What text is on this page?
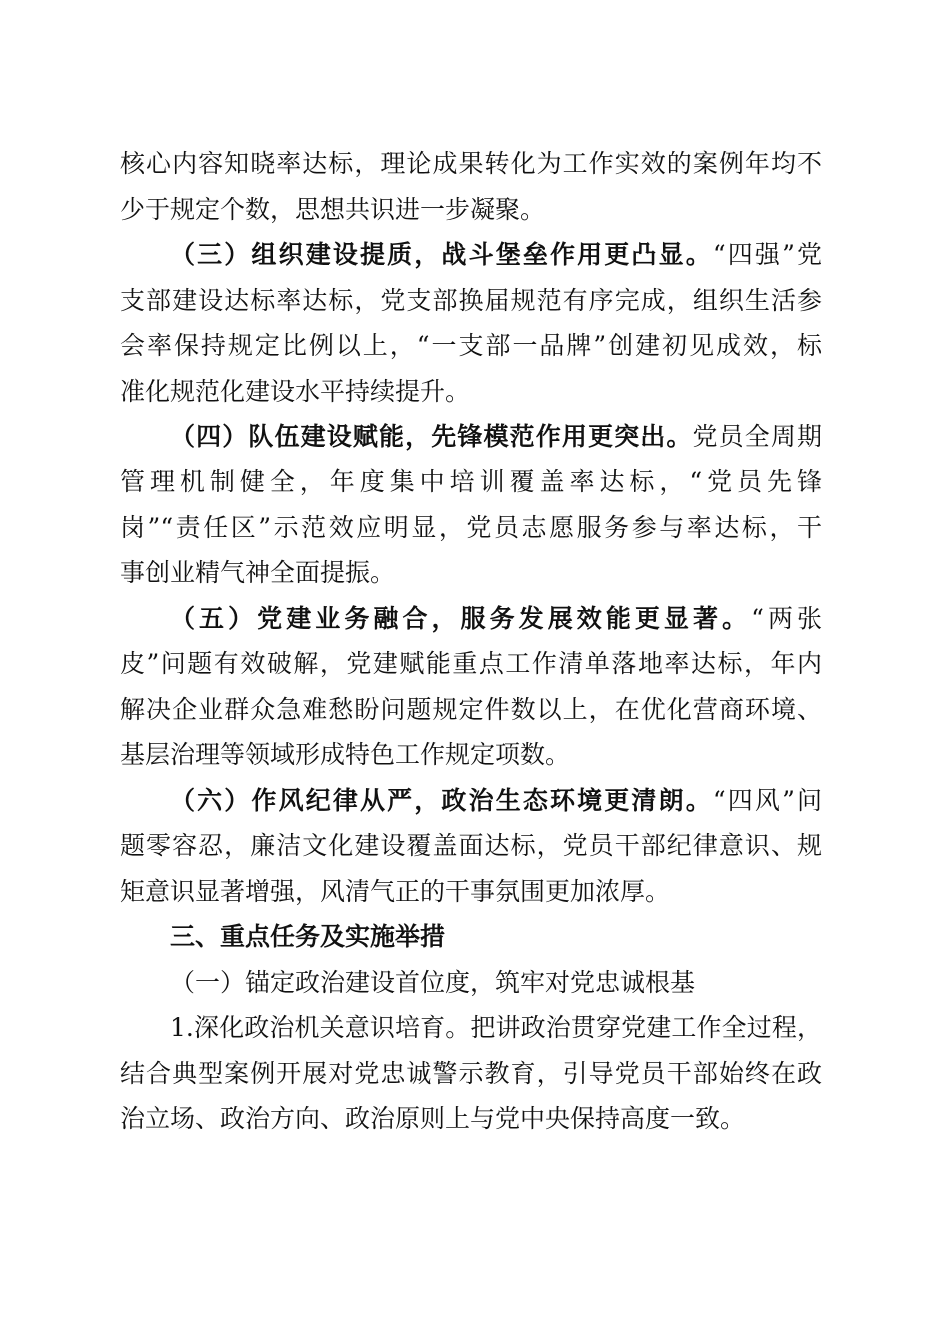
核心内容知晓率达标，理论成果转化为工作实效的案例年均不
少于规定个数，思想共识进一步凝聚。
（三）组织建设提质，战斗堡垒作用更凸显。“四强”党
支部建设达标率达标，党支部换届规范有序完成，组织生活参
会率保持规定比例以上，“一支部一品牌”创建初见成效，标
准化规范化建设水平持续提升。
（四）队伍建设赋能，先锋模范作用更突出。党员全周期
管理机制健全，年度集中培训覆盖率达标，“党员先锋
岗”“责任区”示范效应明显，党员志愿服务参与率达标，干
事创业精气神全面提振。
（五）党建业务融合，服务发展效能更显著。“两张
皮”问题有效破解，党建赋能重点工作清单落地率达标，年内
解决企业群众急难愁盼问题规定件数以上，在优化营商环境、
基层治理等领域形成特色工作规定项数。
（六）作风纪律从严，政治生态环境更清朗。“四风”问
题零容忍，廉洁文化建设覆盖面达标，党员干部纪律意识、规
矩意识显著增强，风清气正的干事氛围更加浓厚。
三、重点任务及实施举措
（一）锚定政治建设首位度，筑牢对党忠诚根基
1.深化政治机关意识培育。把讲政治贯穿党建工作全过程，
结合典型案例开展对党忠诚警示教育，引导党员干部始终在政
治立场、政治方向、政治原则上与党中央保持高度一致。
